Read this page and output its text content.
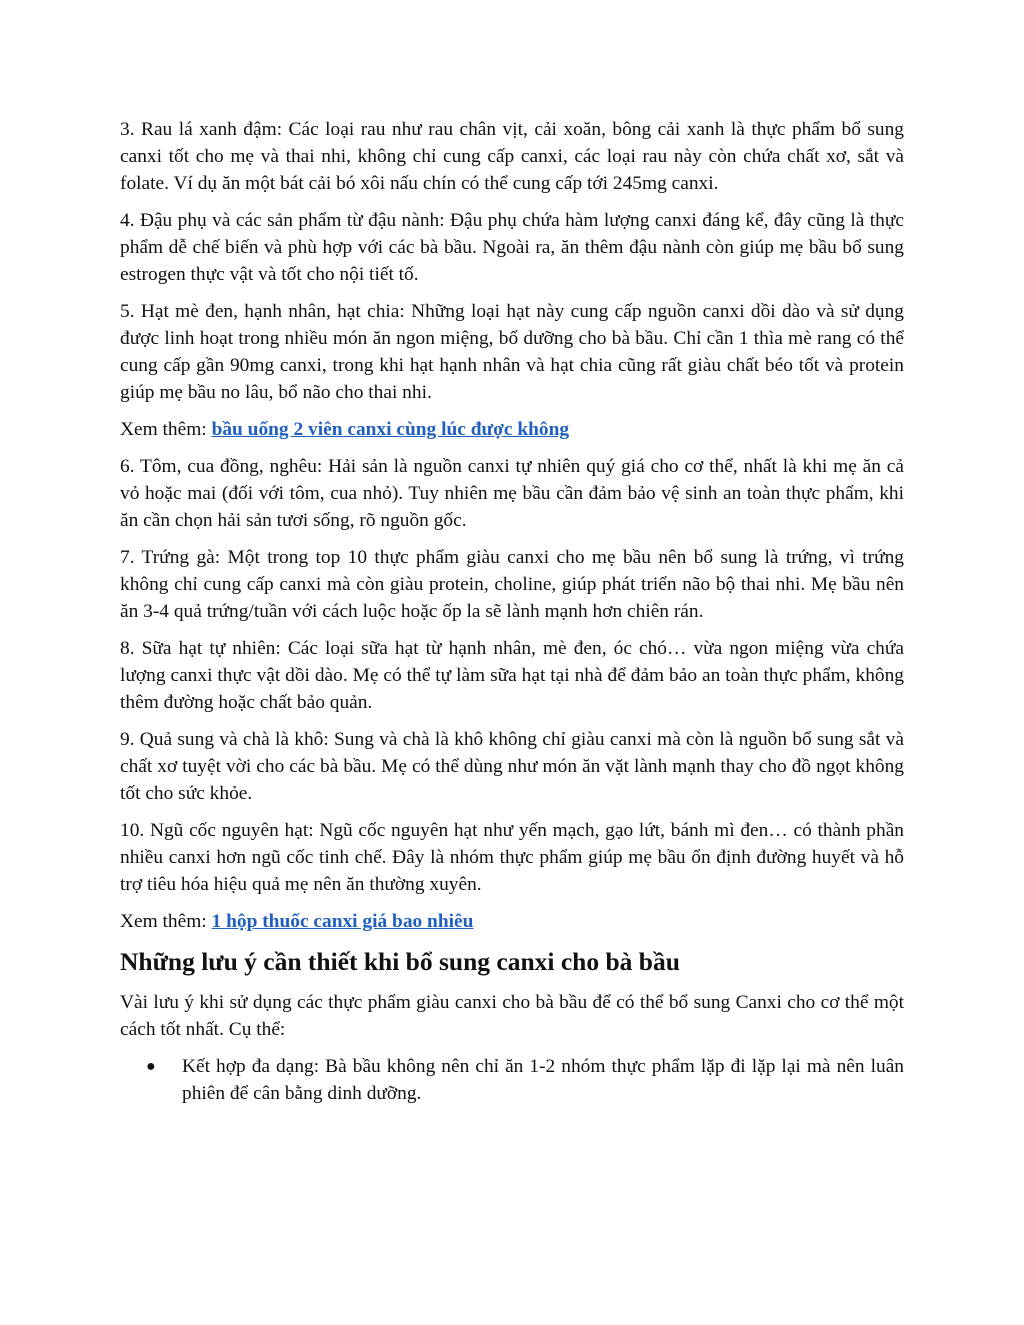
3. Rau lá xanh đậm: Các loại rau như rau chân vịt, cải xoăn, bông cải xanh là thực phẩm bổ sung canxi tốt cho mẹ và thai nhi, không chỉ cung cấp canxi, các loại rau này còn chứa chất xơ, sắt và folate. Ví dụ ăn một bát cải bó xôi nấu chín có thể cung cấp tới 245mg canxi.

4. Đậu phụ và các sản phẩm từ đậu nành: Đậu phụ chứa hàm lượng canxi đáng kể, đây cũng là thực phẩm dễ chế biến và phù hợp với các bà bầu. Ngoài ra, ăn thêm đậu nành còn giúp mẹ bầu bổ sung estrogen thực vật và tốt cho nội tiết tố.

5. Hạt mè đen, hạnh nhân, hạt chia: Những loại hạt này cung cấp nguồn canxi dồi dào và sử dụng được linh hoạt trong nhiều món ăn ngon miệng, bổ dưỡng cho bà bầu. Chỉ cần 1 thìa mè rang có thể cung cấp gần 90mg canxi, trong khi hạt hạnh nhân và hạt chia cũng rất giàu chất béo tốt và protein giúp mẹ bầu no lâu, bổ não cho thai nhi.

Xem thêm: bầu uống 2 viên canxi cùng lúc được không

6. Tôm, cua đồng, nghêu: Hải sản là nguồn canxi tự nhiên quý giá cho cơ thể, nhất là khi mẹ ăn cả vỏ hoặc mai (đối với tôm, cua nhỏ). Tuy nhiên mẹ bầu cần đảm bảo vệ sinh an toàn thực phẩm, khi ăn cần chọn hải sản tươi sống, rõ nguồn gốc.

7. Trứng gà: Một trong top 10 thực phẩm giàu canxi cho mẹ bầu nên bổ sung là trứng, vì trứng không chỉ cung cấp canxi mà còn giàu protein, choline, giúp phát triển não bộ thai nhi. Mẹ bầu nên ăn 3-4 quả trứng/tuần với cách luộc hoặc ốp la sẽ lành mạnh hơn chiên rán.

8. Sữa hạt tự nhiên: Các loại sữa hạt từ hạnh nhân, mè đen, óc chó… vừa ngon miệng vừa chứa lượng canxi thực vật dồi dào. Mẹ có thể tự làm sữa hạt tại nhà để đảm bảo an toàn thực phẩm, không thêm đường hoặc chất bảo quản.

9. Quả sung và chà là khô: Sung và chà là khô không chỉ giàu canxi mà còn là nguồn bổ sung sắt và chất xơ tuyệt vời cho các bà bầu. Mẹ có thể dùng như món ăn vặt lành mạnh thay cho đồ ngọt không tốt cho sức khỏe.

10. Ngũ cốc nguyên hạt: Ngũ cốc nguyên hạt như yến mạch, gạo lứt, bánh mì đen… có thành phần nhiều canxi hơn ngũ cốc tinh chế. Đây là nhóm thực phẩm giúp mẹ bầu ổn định đường huyết và hỗ trợ tiêu hóa hiệu quả mẹ nên ăn thường xuyên.

Xem thêm: 1 hộp thuốc canxi giá bao nhiêu

Những lưu ý cần thiết khi bổ sung canxi cho bà bầu

Vài lưu ý khi sử dụng các thực phẩm giàu canxi cho bà bầu để có thể bổ sung Canxi cho cơ thể một cách tốt nhất. Cụ thể:

● Kết hợp đa dạng: Bà bầu không nên chỉ ăn 1-2 nhóm thực phẩm lặp đi lặp lại mà nên luân phiên để cân bằng dinh dưỡng.
